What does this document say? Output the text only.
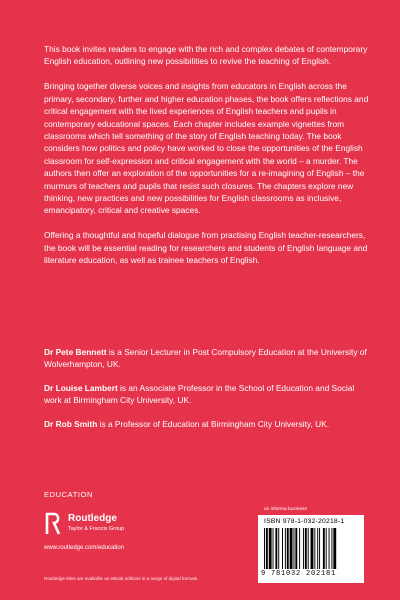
This book invites readers to engage with the rich and complex debates of contemporary English education, outlining new possibilities to revive the teaching of English.

Bringing together diverse voices and insights from educators in English across the primary, secondary, further and higher education phases, the book offers reflections and critical engagement with the lived experiences of English teachers and pupils in contemporary educational spaces. Each chapter includes example vignettes from classrooms which tell something of the story of English teaching today. The book considers how politics and policy have worked to close the opportunities of the English classroom for self-expression and critical engagement with the world – a murder. The authors then offer an exploration of the opportunities for a re-imagining of English – the murmurs of teachers and pupils that resist such closures. The chapters explore new thinking, new practices and new possibilities for English classrooms as inclusive, emancipatory, critical and creative spaces.

Offering a thoughtful and hopeful dialogue from practising English teacher-researchers, the book will be essential reading for researchers and students of English language and literature education, as well as trainee teachers of English.

Dr Pete Bennett is a Senior Lecturer in Post Compulsory Education at the University of Wolverhampton, UK.

Dr Louise Lambert is an Associate Professor in the School of Education and Social work at Birmingham City University, UK.

Dr Rob Smith is a Professor of Education at Birmingham City University, UK.

EDUCATION
Routledge
Taylor & Francis Group
www.routledge.com/education
Routledge titles are available as eBook editions in a range of digital formats
an informa business
ISBN 978-1-032-20218-1
9 781032 202181
